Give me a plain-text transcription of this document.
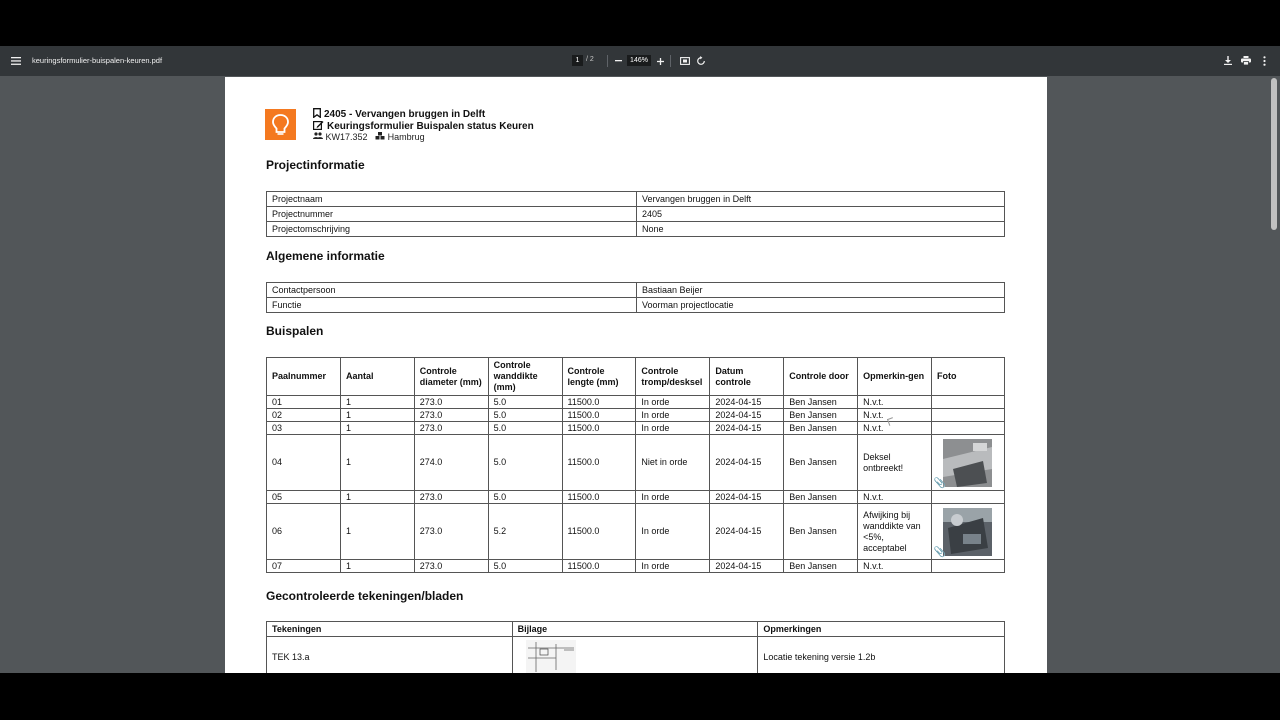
keuringsformulier-buispalen-keuren.pdf	1 / 2	146%
2405 - Vervangen bruggen in Delft
Keuringsformulier Buispalen status Keuren
KW17.352 Hambrug
Projectinformatie
Projectnaam	Vervangen bruggen in Delft
Projectnummer	2405
Projectomschrijving	None
Algemene informatie
Contactpersoon	Bastiaan Beijer
Functie	Voorman projectlocatie
Buispalen
Paalnummer	Aantal	Controle diameter (mm)	Controle wanddikte (mm)	Controle lengte (mm)	Controle tromp/desksel	Datum controle	Controle door	Opmerkin-gen	Foto
01	1	273.0	5.0	11500.0	In orde	2024-04-15	Ben Jansen	N.v.t.	
02	1	273.0	5.0	11500.0	In orde	2024-04-15	Ben Jansen	N.v.t.	
03	1	273.0	5.0	11500.0	In orde	2024-04-15	Ben Jansen	N.v.t.	
04	1	274.0	5.0	11500.0	Niet in orde	2024-04-15	Ben Jansen	Deksel ontbreekt!	📎

05	1	273.0	5.0	11500.0	In orde	2024-04-15	Ben Jansen	N.v.t.	
06	1	273.0	5.2	11500.0	In orde	2024-04-15	Ben Jansen	Afwijking bij wanddikte van <5%, acceptabel	📎

07	1	273.0	5.0	11500.0	In orde	2024-04-15	Ben Jansen	N.v.t.	
Gecontroleerde tekeningen/bladen
Tekeningen	Bijlage	Opmerkingen
TEK 13.a		Locatie tekening versie 1.2b
